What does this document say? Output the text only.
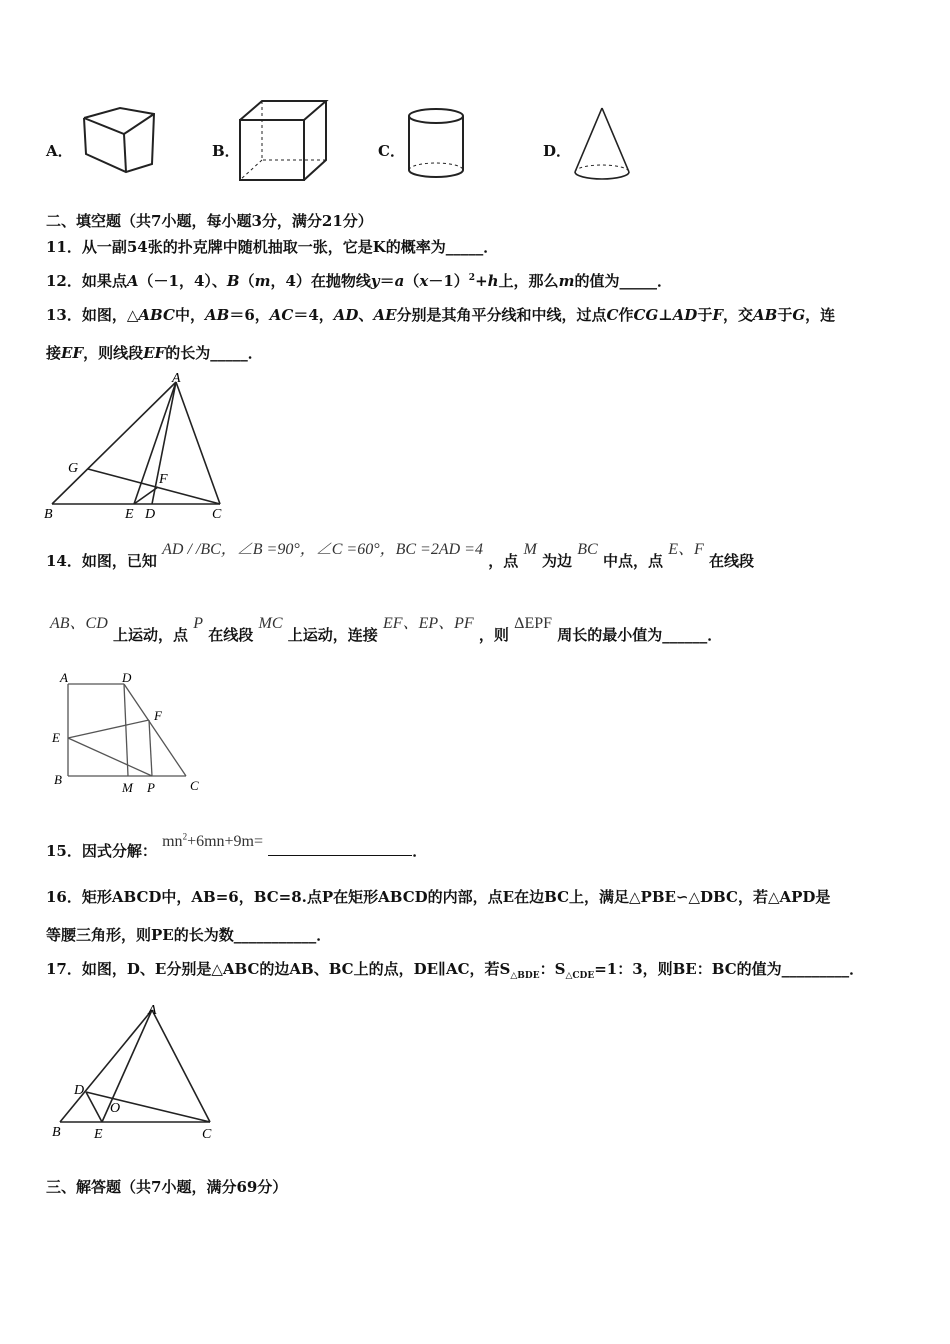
A．	B．	C．	D．
二、填空题（共7小题，每小题3分，满分21分）
11．从一副54张的扑克牌中随机抽取一张，它是K的概率为_____．
12．如果点A（－1，4）、B（m，4）在抛物线$y=a(x-1)^2+h$上，那么m的值为_____．
13．如图，△ABC中，AB＝6，AC＝4，AD、AE分别是其角平分线和中线，过点C作CG⊥AD于F，交AB于G，连
接EF，则线段EF的长为_____．
A
G
F
B	E D	C
14．如图，已知 AD / /BC，∠B =90°，∠C =60°，BC =2AD =4 ，点 M 为边 BC 中点，点 E、F 在线段
AB、CD 上运动，点 P 在线段 MC 上运动，连接 EF、EP、PF ，则 ΔEPF 周长的最小值为______．
A	D
F
E
B
M P	C
15．因式分解： $mn^2+6mn+9m=$ ．
16．矩形ABCD中，AB=6，BC=8.点P在矩形ABCD的内部，点E在边BC上，满足△PBE∽△DBC，若△APD是
等腰三角形，则PE的长为数___________．
17．如图，D、E分别是△ABC的边AB、BC上的点，DE∥AC，若$S_{\triangle BDE}$：$S_{\triangle CDE}=1$：3，则BE：BC的值为_________．
A
D
O
B E	C
三、解答题（共7小题，满分69分）
